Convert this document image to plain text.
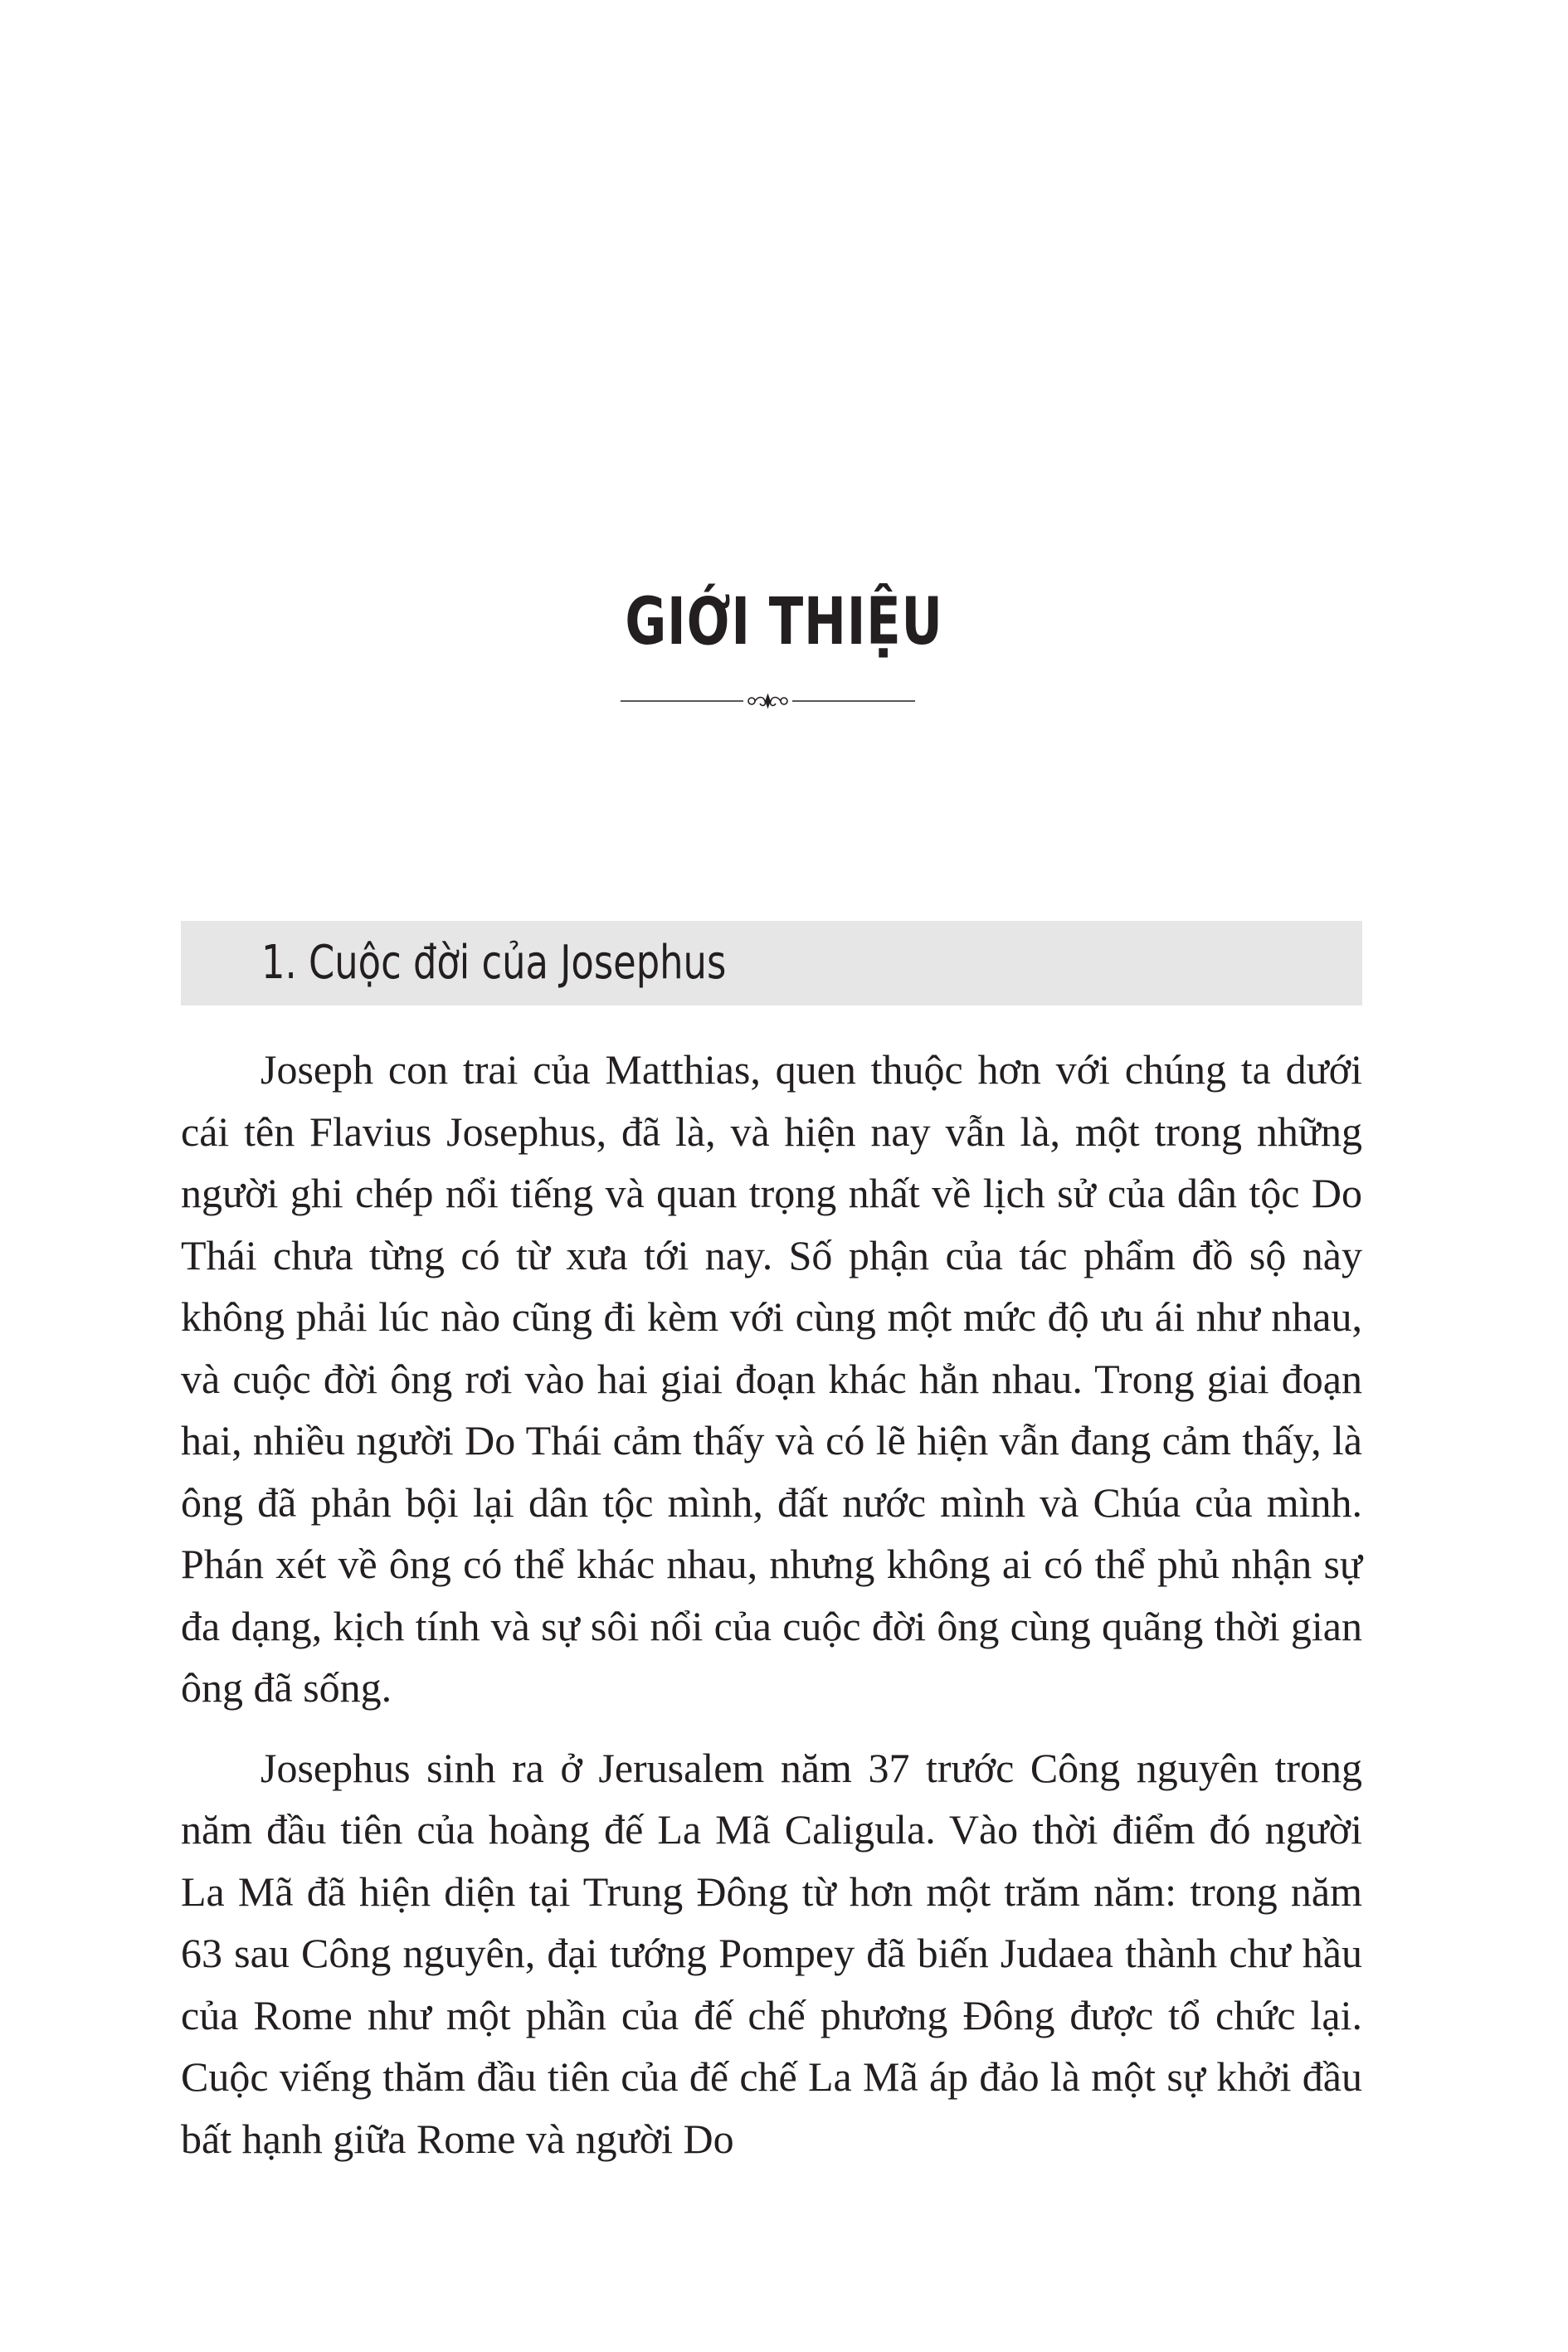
GIỚI THIỆU
1. Cuộc đời của Josephus

Joseph con trai của Matthias, quen thuộc hơn với chúng ta dưới cái tên Flavius Josephus, đã là, và hiện nay vẫn là, một trong những người ghi chép nổi tiếng và quan trọng nhất về lịch sử của dân tộc Do Thái chưa từng có từ xưa tới nay. Số phận của tác phẩm đồ sộ này không phải lúc nào cũng đi kèm với cùng một mức độ ưu ái như nhau, và cuộc đời ông rơi vào hai giai đoạn khác hẳn nhau. Trong giai đoạn hai, nhiều người Do Thái cảm thấy và có lẽ hiện vẫn đang cảm thấy, là ông đã phản bội lại dân tộc mình, đất nước mình và Chúa của mình. Phán xét về ông có thể khác nhau, nhưng không ai có thể phủ nhận sự đa dạng, kịch tính và sự sôi nổi của cuộc đời ông cùng quãng thời gian ông đã sống.

Josephus sinh ra ở Jerusalem năm 37 trước Công nguyên trong năm đầu tiên của hoàng đế La Mã Caligula. Vào thời điểm đó người La Mã đã hiện diện tại Trung Đông từ hơn một trăm năm: trong năm 63 sau Công nguyên, đại tướng Pompey đã biến Judaea thành chư hầu của Rome như một phần của đế chế phương Đông được tổ chức lại. Cuộc viếng thăm đầu tiên của đế chế La Mã áp đảo là một sự khởi đầu bất hạnh giữa Rome và người Do
